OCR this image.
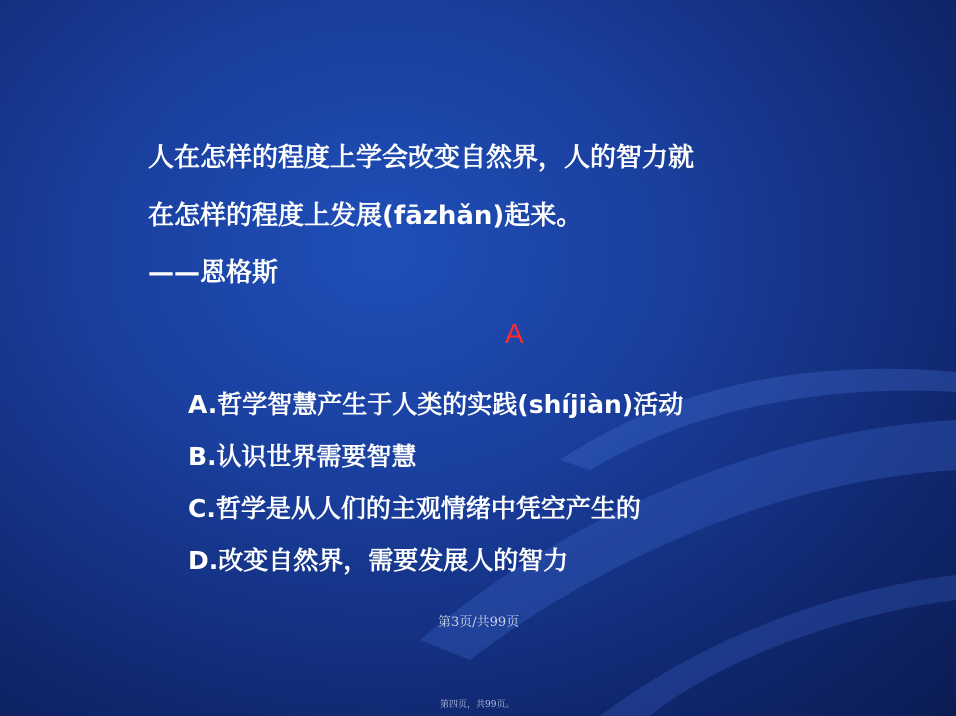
人在怎样的程度上学会改变自然界，人的智力就
在怎样的程度上发展(fāzhǎn)起来。
——恩格斯
A
A.哲学智慧产生于人类的实践(shíjiàn)活动
B.认识世界需要智慧
C.哲学是从人们的主观情绪中凭空产生的
D.改变自然界，需要发展人的智力
第3页/共99页
第四页，共99页。
